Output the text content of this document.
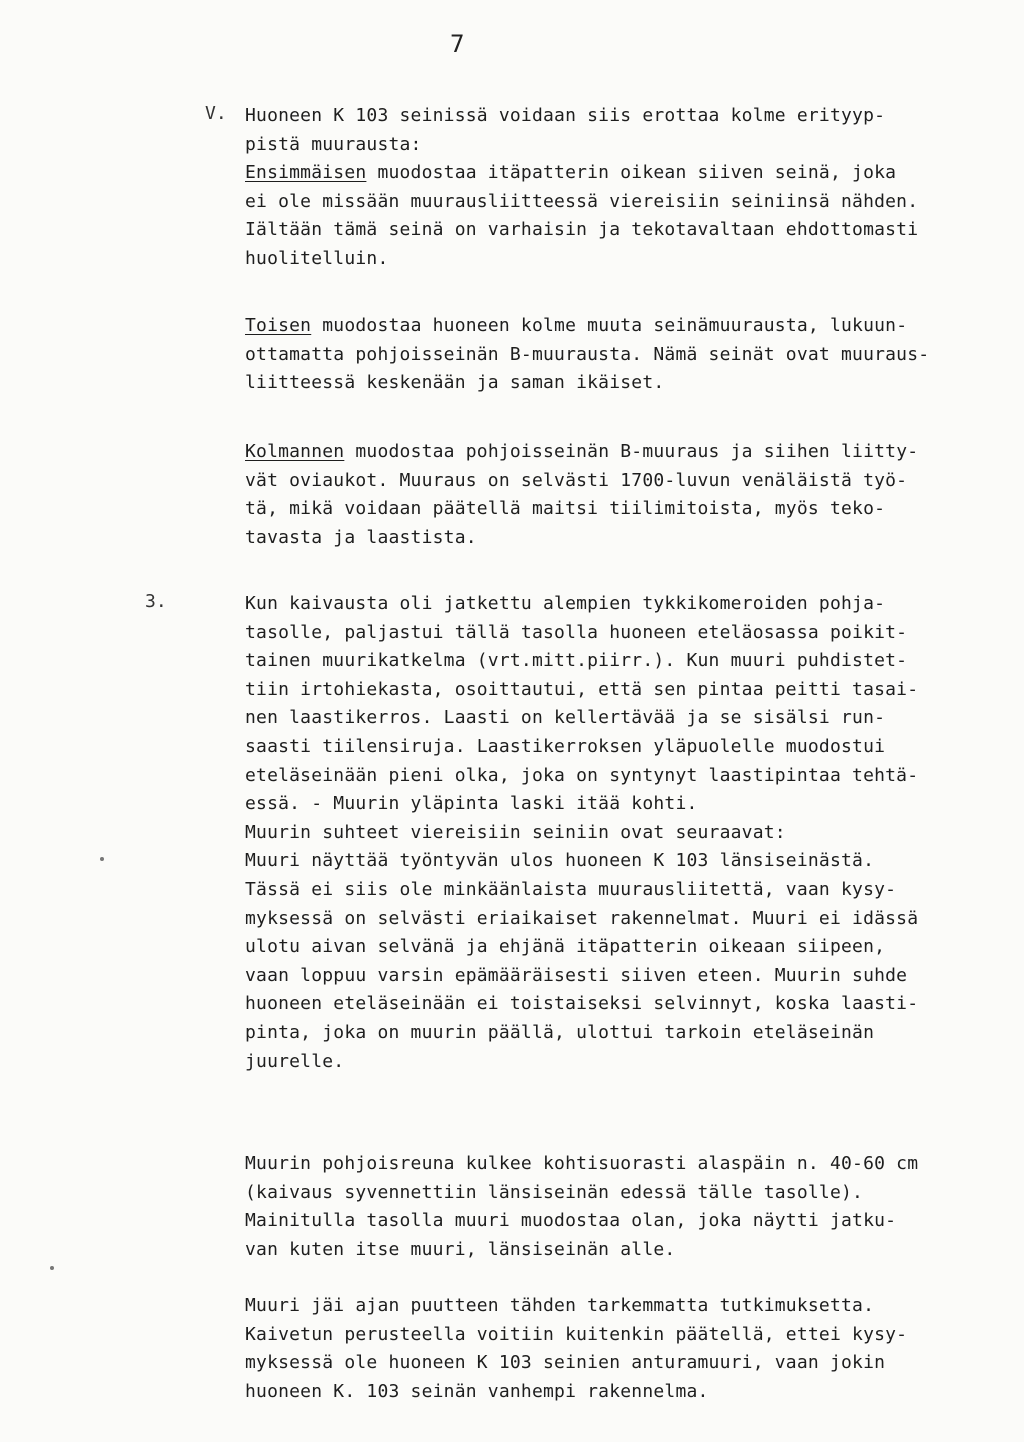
7
V. Huoneen K 103 seinissä voidaan siis erottaa kolme erityyp-
pistä muurausta:
Ensimmäisen muodostaa itäpatterin oikean siiven seinä, joka
ei ole missään muurausliitteessä viereisiin seiniinsä nähden.
Iältään tämä seinä on varhaisin ja tekotavaltaan ehdottomasti
huolitelluin.
Toisen muodostaa huoneen kolme muuta seinämuurausta, lukuun-
ottamatta pohjoisseinän B-muurausta. Nämä seinät ovat muuraus-
liitteessä keskenään ja saman ikäiset.
Kolmannen muodostaa pohjoisseinän B-muuraus ja siihen liitty-
vät oviaukot. Muuraus on selvästi 1700-luvun venäläistä työ-
tä, mikä voidaan päätellä maitsi tiilimitoista, myös teko-
tavasta ja laastista.
3.	Kun kaivausta oli jatkettu alempien tykkikomeroiden pohja-
tasolle, paljastui tällä tasolla huoneen eteläosassa poikit-
tainen muurikatkelma (vrt.mitt.piirr.). Kun muuri puhdistet-
tiin irtohiekasta, osoittautui, että sen pintaa peitti tasai-
nen laastikerros. Laasti on kellertävää ja se sisälsi run-
saasti tiilensiruja. Laastikerroksen yläpuolelle muodostui
eteläseinään pieni olka, joka on syntynyt laastipintaa tehtä-
essä. - Muurin yläpinta laski itää kohti.
Muurin suhteet viereisiin seiniin ovat seuraavat:
Muuri näyttää työntyvän ulos huoneen K 103 länsiseinästä.
Tässä ei siis ole minkäänlaista muurausliitettä, vaan kysy-
myksessä on selvästi eriaikaiset rakennelmat. Muuri ei idässä
ulotu aivan selvänä ja ehjänä itäpatterin oikeaan siipeen,
vaan loppuu varsin epämääräisesti siiven eteen. Muurin suhde
huoneen eteläseinään ei toistaiseksi selvinnyt, koska laasti-
pinta, joka on muurin päällä, ulottui tarkoin eteläseinän
juurelle.
Muurin pohjoisreuna kulkee kohtisuorasti alaspäin n. 40-60 cm
(kaivaus syvennettiin länsiseinän edessä tälle tasolle).
Mainitulla tasolla muuri muodostaa olan, joka näytti jatku-
van kuten itse muuri, länsiseinän alle.
Muuri jäi ajan puutteen tähden tarkemmatta tutkimuksetta.
Kaivetun perusteella voitiin kuitenkin päätellä, ettei kysy-
myksessä ole huoneen K 103 seinien anturamuuri, vaan jokin
huoneen K. 103 seinän vanhempi rakennelma.
